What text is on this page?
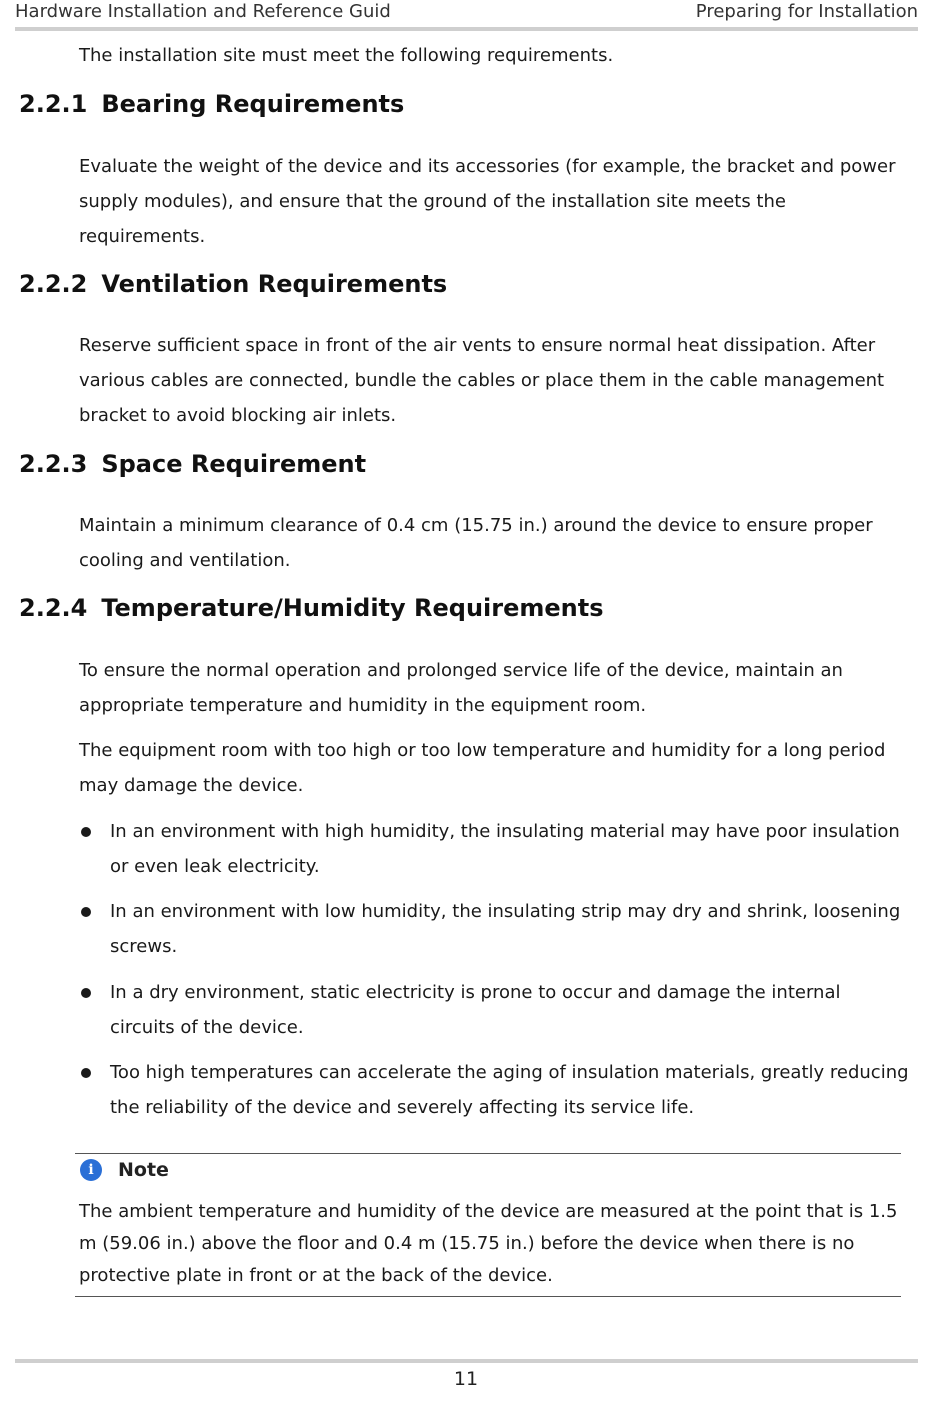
Hardware Installation and Reference Guid	Preparing for Installation
The installation site must meet the following requirements.
2.2.1 Bearing Requirements
Evaluate the weight of the device and its accessories (for example, the bracket and power supply modules), and ensure that the ground of the installation site meets the requirements.
2.2.2 Ventilation Requirements
Reserve sufficient space in front of the air vents to ensure normal heat dissipation. After various cables are connected, bundle the cables or place them in the cable management bracket to avoid blocking air inlets.
2.2.3 Space Requirement
Maintain a minimum clearance of 0.4 cm (15.75 in.) around the device to ensure proper cooling and ventilation.
2.2.4 Temperature/Humidity Requirements
To ensure the normal operation and prolonged service life of the device, maintain an appropriate temperature and humidity in the equipment room.
The equipment room with too high or too low temperature and humidity for a long period may damage the device.
In an environment with high humidity, the insulating material may have poor insulation or even leak electricity.
In an environment with low humidity, the insulating strip may dry and shrink, loosening screws.
In a dry environment, static electricity is prone to occur and damage the internal circuits of the device.
Too high temperatures can accelerate the aging of insulation materials, greatly reducing the reliability of the device and severely affecting its service life.
i	Note
The ambient temperature and humidity of the device are measured at the point that is 1.5 m (59.06 in.) above the floor and 0.4 m (15.75 in.) before the device when there is no protective plate in front or at the back of the device.
11
